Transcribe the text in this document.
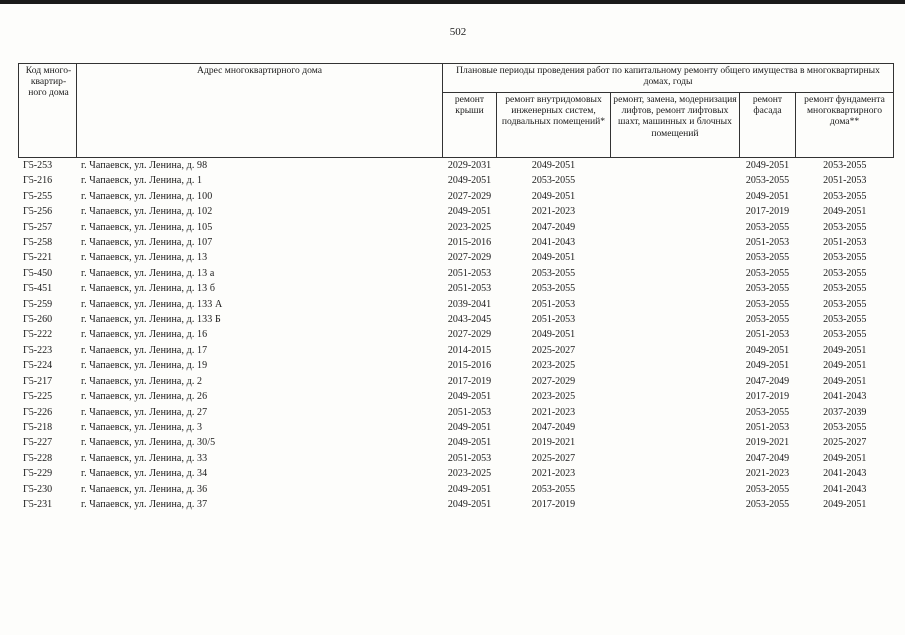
502
Код много-квартир-ного дома	Адрес многоквартирного дома	Плановые периоды проведения работ по капитальному ремонту общего имущества в многоквартирных домах, годы				
		ремонт крыши	ремонт внутридомовых инженерных систем, подвальных помещений*	ремонт, замена, модернизация лифтов, ремонт лифтовых шахт, машинных и блочных помещений	ремонт фасада	ремонт фундамента многоквартирного дома**
Г5-253	г. Чапаевск, ул. Ленина, д. 98	2029-2031	2049-2051		2049-2051	2053-2055
Г5-216	г. Чапаевск, ул. Ленина, д. 1	2049-2051	2053-2055		2053-2055	2051-2053
Г5-255	г. Чапаевск, ул. Ленина, д. 100	2027-2029	2049-2051		2049-2051	2053-2055
Г5-256	г. Чапаевск, ул. Ленина, д. 102	2049-2051	2021-2023		2017-2019	2049-2051
Г5-257	г. Чапаевск, ул. Ленина, д. 105	2023-2025	2047-2049		2053-2055	2053-2055
Г5-258	г. Чапаевск, ул. Ленина, д. 107	2015-2016	2041-2043		2051-2053	2051-2053
Г5-221	г. Чапаевск, ул. Ленина, д. 13	2027-2029	2049-2051		2053-2055	2053-2055
Г5-450	г. Чапаевск, ул. Ленина, д. 13 а	2051-2053	2053-2055		2053-2055	2053-2055
Г5-451	г. Чапаевск, ул. Ленина, д. 13 б	2051-2053	2053-2055		2053-2055	2053-2055
Г5-259	г. Чапаевск, ул. Ленина, д. 133 А	2039-2041	2051-2053		2053-2055	2053-2055
Г5-260	г. Чапаевск, ул. Ленина, д. 133 Б	2043-2045	2051-2053		2053-2055	2053-2055
Г5-222	г. Чапаевск, ул. Ленина, д. 16	2027-2029	2049-2051		2051-2053	2053-2055
Г5-223	г. Чапаевск, ул. Ленина, д. 17	2014-2015	2025-2027		2049-2051	2049-2051
Г5-224	г. Чапаевск, ул. Ленина, д. 19	2015-2016	2023-2025		2049-2051	2049-2051
Г5-217	г. Чапаевск, ул. Ленина, д. 2	2017-2019	2027-2029		2047-2049	2049-2051
Г5-225	г. Чапаевск, ул. Ленина, д. 26	2049-2051	2023-2025		2017-2019	2041-2043
Г5-226	г. Чапаевск, ул. Ленина, д. 27	2051-2053	2021-2023		2053-2055	2037-2039
Г5-218	г. Чапаевск, ул. Ленина, д. 3	2049-2051	2047-2049		2051-2053	2053-2055
Г5-227	г. Чапаевск, ул. Ленина, д. 30/5	2049-2051	2019-2021		2019-2021	2025-2027
Г5-228	г. Чапаевск, ул. Ленина, д. 33	2051-2053	2025-2027		2047-2049	2049-2051
Г5-229	г. Чапаевск, ул. Ленина, д. 34	2023-2025	2021-2023		2021-2023	2041-2043
Г5-230	г. Чапаевск, ул. Ленина, д. 36	2049-2051	2053-2055		2053-2055	2041-2043
Г5-231	г. Чапаевск, ул. Ленина, д. 37	2049-2051	2017-2019		2053-2055	2049-2051
